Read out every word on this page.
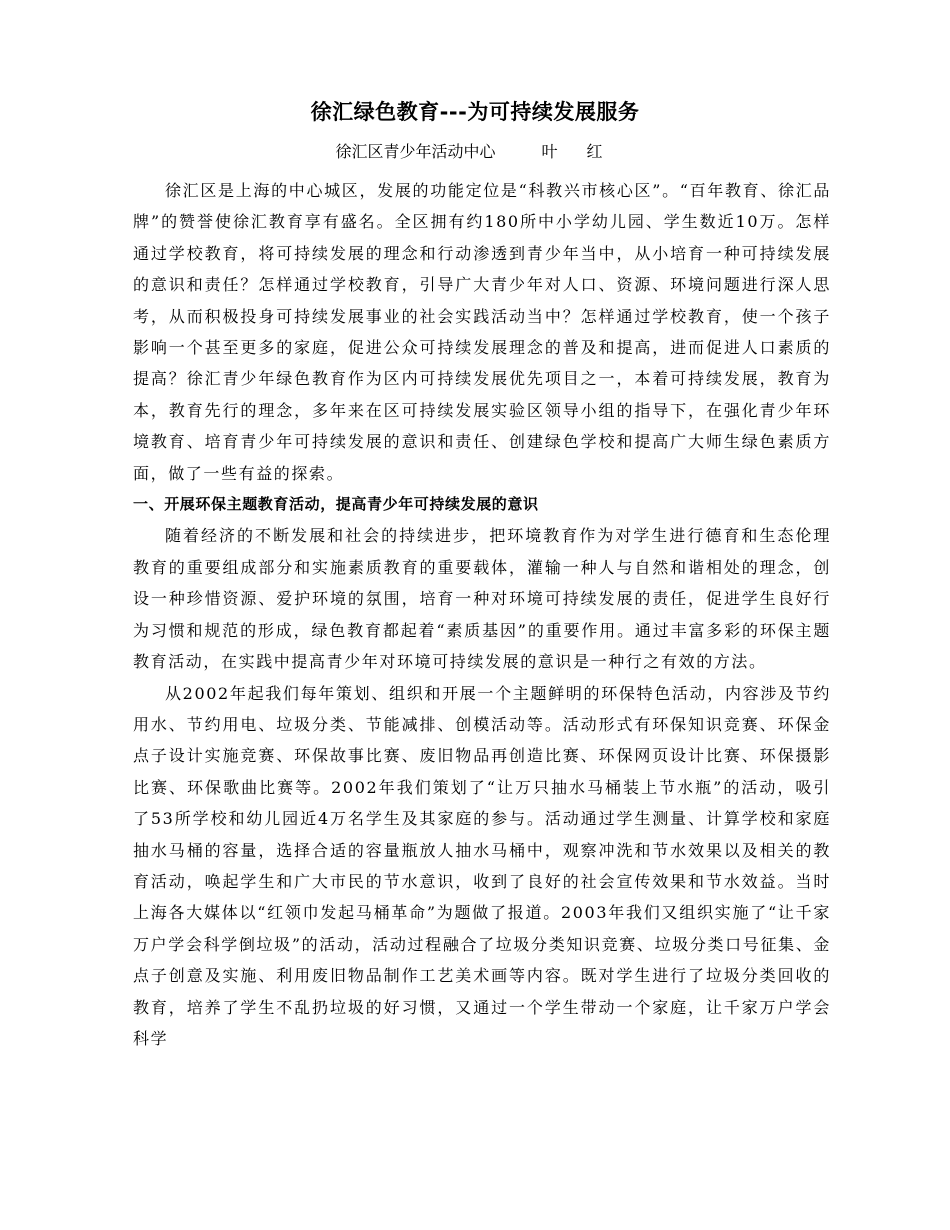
徐汇绿色教育---为可持续发展服务
徐汇区青少年活动中心	叶 红

徐汇区是上海的中心城区，发展的功能定位是“科教兴市核心区”。“百年教育、徐汇品牌”的赞誉使徐汇教育享有盛名。全区拥有约180所中小学幼儿园、学生数近10万。怎样通过学校教育，将可持续发展的理念和行动渗透到青少年当中，从小培育一种可持续发展的意识和责任？怎样通过学校教育，引导广大青少年对人口、资源、环境问题进行深人思考，从而积极投身可持续发展事业的社会实践活动当中？怎样通过学校教育，使一个孩子影响一个甚至更多的家庭，促进公众可持续发展理念的普及和提高，进而促进人口素质的提高？徐汇青少年绿色教育作为区内可持续发展优先项目之一，本着可持续发展，教育为本，教育先行的理念，多年来在区可持续发展实验区领导小组的指导下，在强化青少年环境教育、培育青少年可持续发展的意识和责任、创建绿色学校和提高广大师生绿色素质方面，做了一些有益的探索。

一、开展环保主题教育活动，提高青少年可持续发展的意识

随着经济的不断发展和社会的持续进步，把环境教育作为对学生进行德育和生态伦理教育的重要组成部分和实施素质教育的重要载体，灌输一种人与自然和谐相处的理念，创设一种珍惜资源、爱护环境的氛围，培育一种对环境可持续发展的责任，促进学生良好行为习惯和规范的形成，绿色教育都起着“素质基因”的重要作用。通过丰富多彩的环保主题教育活动，在实践中提高青少年对环境可持续发展的意识是一种行之有效的方法。

从2002年起我们每年策划、组织和开展一个主题鲜明的环保特色活动，内容涉及节约用水、节约用电、垃圾分类、节能减排、创模活动等。活动形式有环保知识竞赛、环保金点子设计实施竞赛、环保故事比赛、废旧物品再创造比赛、环保网页设计比赛、环保摄影比赛、环保歌曲比赛等。2002年我们策划了“让万只抽水马桶装上节水瓶”的活动，吸引了53所学校和幼儿园近4万名学生及其家庭的参与。活动通过学生测量、计算学校和家庭抽水马桶的容量，选择合适的容量瓶放人抽水马桶中，观察冲洗和节水效果以及相关的教育活动，唤起学生和广大市民的节水意识，收到了良好的社会宣传效果和节水效益。当时上海各大媒体以“红领巾发起马桶革命”为题做了报道。2003年我们又组织实施了“让千家万户学会科学倒垃圾”的活动，活动过程融合了垃圾分类知识竞赛、垃圾分类口号征集、金点子创意及实施、利用废旧物品制作工艺美术画等内容。既对学生进行了垃圾分类回收的教育，培养了学生不乱扔垃圾的好习惯，又通过一个学生带动一个家庭，让千家万户学会科学
